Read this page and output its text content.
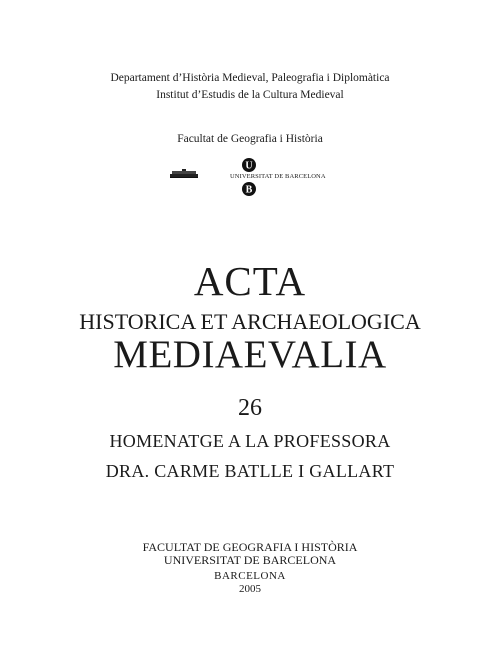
Departament d’Història Medieval, Paleografia i Diplomàtica
Institut d’Estudis de la Cultura Medieval
Facultat de Geografia i Història
U
B
UNIVERSITAT DE BARCELONA
ACTA
HISTORICA ET ARCHAEOLOGICA
MEDIAEVALIA
26
HOMENATGE A LA PROFESSORA
DRA. CARME BATLLE I GALLART
FACULTAT DE GEOGRAFIA I HISTÒRIA
UNIVERSITAT DE BARCELONA
BARCELONA
2005
